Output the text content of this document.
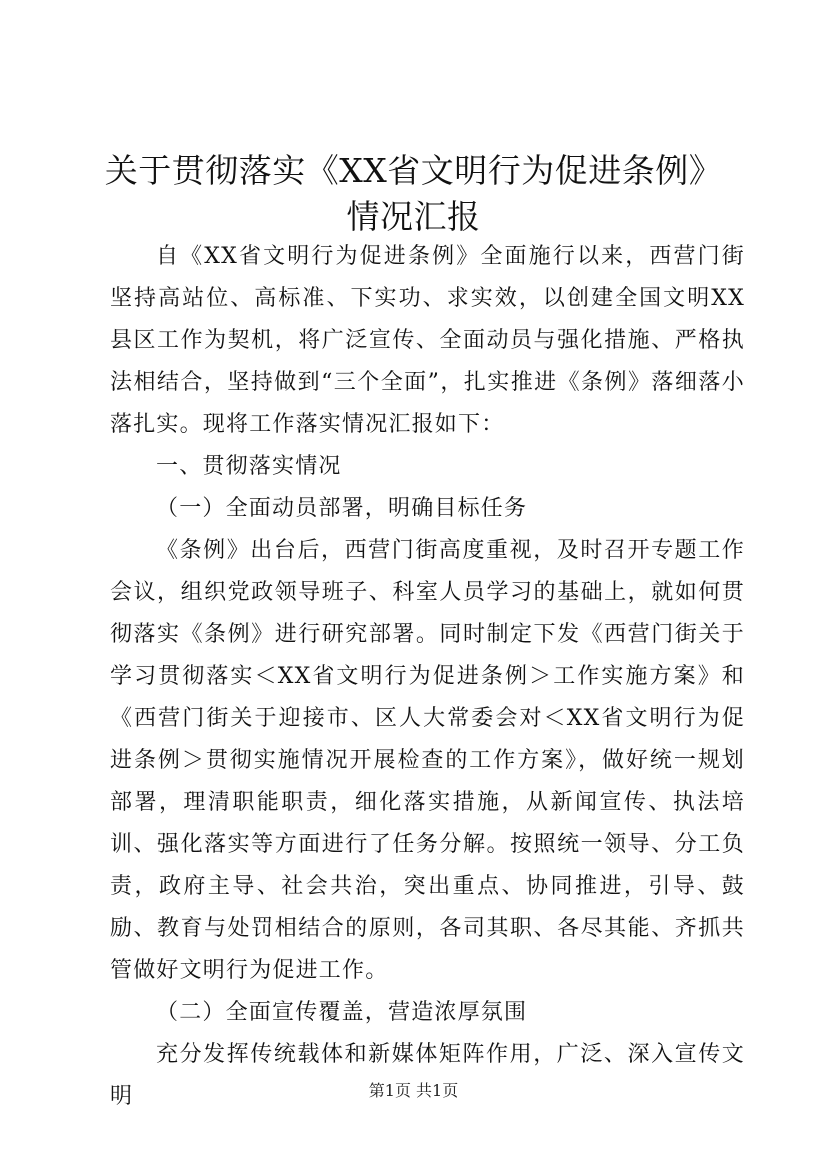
关于贯彻落实《XX省文明行为促进条例》情况汇报

自《XX省文明行为促进条例》全面施行以来，西营门街坚持高站位、高标准、下实功、求实效，以创建全国文明XX县区工作为契机，将广泛宣传、全面动员与强化措施、严格执法相结合，坚持做到“三个全面”，扎实推进《条例》落细落小落扎实。现将工作落实情况汇报如下：

一、贯彻落实情况

（一）全面动员部署，明确目标任务

《条例》出台后，西营门街高度重视，及时召开专题工作会议，组织党政领导班子、科室人员学习的基础上，就如何贯彻落实《条例》进行研究部署。同时制定下发《西营门街关于学习贯彻落实＜XX省文明行为促进条例＞工作实施方案》和《西营门街关于迎接市、区人大常委会对＜XX省文明行为促进条例＞贯彻实施情况开展检查的工作方案》，做好统一规划部署，理清职能职责，细化落实措施，从新闻宣传、执法培训、强化落实等方面进行了任务分解。按照统一领导、分工负责，政府主导、社会共治，突出重点、协同推进，引导、鼓励、教育与处罚相结合的原则，各司其职、各尽其能、齐抓共管做好文明行为促进工作。

（二）全面宣传覆盖，营造浓厚氛围

充分发挥传统载体和新媒体矩阵作用，广泛、深入宣传文明	第1页 共1页
